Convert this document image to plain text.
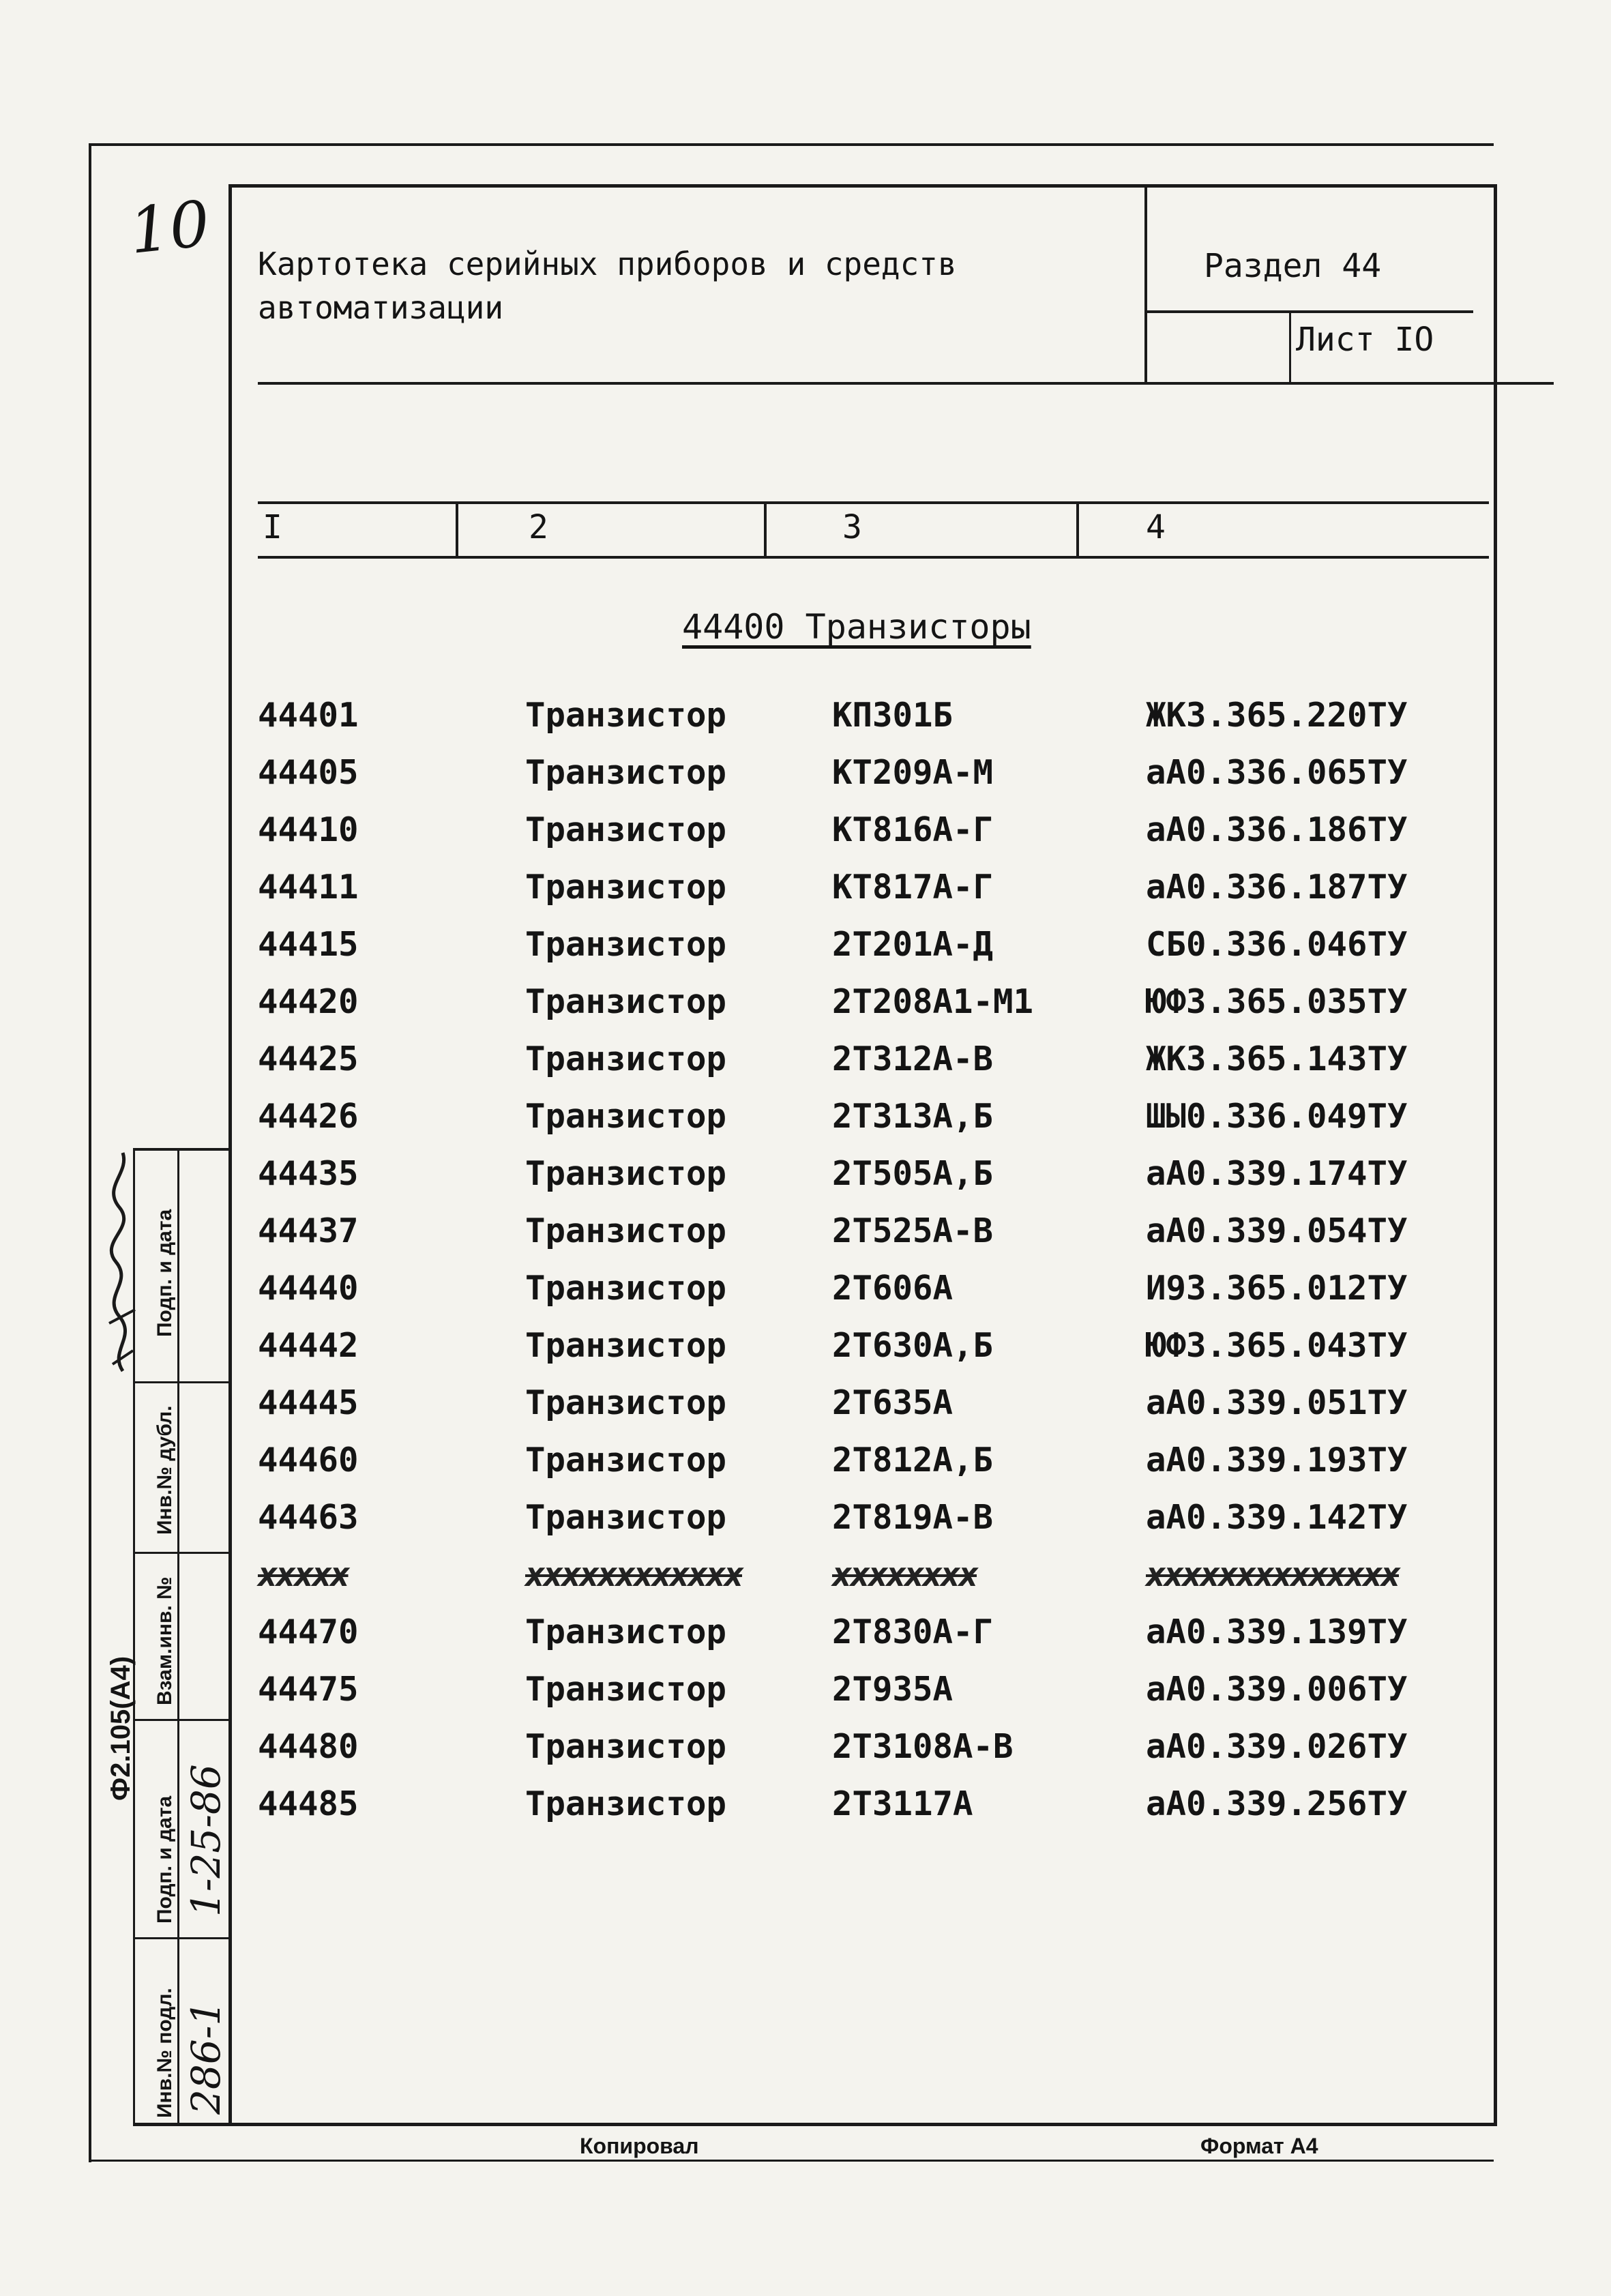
10 Картотека серийных приборов и средств
автоматизации
Раздел 44
Лист IO
I	2	3	4
44400 Транзисторы
44401	Транзистор	КП301Б	ЖК3.365.220ТУ
44405	Транзистор	КТ209А-М	аА0.336.065ТУ
44410	Транзистор	КТ816А-Г	аА0.336.186ТУ
44411	Транзистор	КТ817А-Г	аА0.336.187ТУ
44415	Транзистор	2Т201А-Д	СБ0.336.046ТУ
44420	Транзистор	2Т208А1-М1	ЮФ3.365.035ТУ
44425	Транзистор	2Т312А-В	ЖК3.365.143ТУ
44426	Транзистор	2Т313А,Б	ШЫ0.336.049ТУ
44435	Транзистор	2Т505А,Б	аА0.339.174ТУ
44437	Транзистор	2Т525А-В	аА0.339.054ТУ
44440	Транзистор	2Т606А	И93.365.012ТУ
44442	Транзистор	2Т630А,Б	ЮФ3.365.043ТУ
44445	Транзистор	2Т635А	аА0.339.051ТУ
44460	Транзистор	2Т812А,Б	аА0.339.193ТУ
44463	Транзистор	2Т819А-В	аА0.339.142ТУ
xxxxx	xxxxxxxxxxxx	xxxxxxxx	xxxxxxxxxxxxxx
44470	Транзистор	2Т830А-Г	аА0.339.139ТУ
44475	Транзистор	2Т935А	аА0.339.006ТУ
44480	Транзистор	2Т3108А-В	аА0.339.026ТУ
44485	Транзистор	2Т3117А	аА0.339.256ТУ
Подп. и дата
Инв.№ дубл.
Взам.инв. №
Подп. и дата
Инв.№ подл.
Ф2.105(А4)
1-25-86
286-1
Копировал	Формат А4
